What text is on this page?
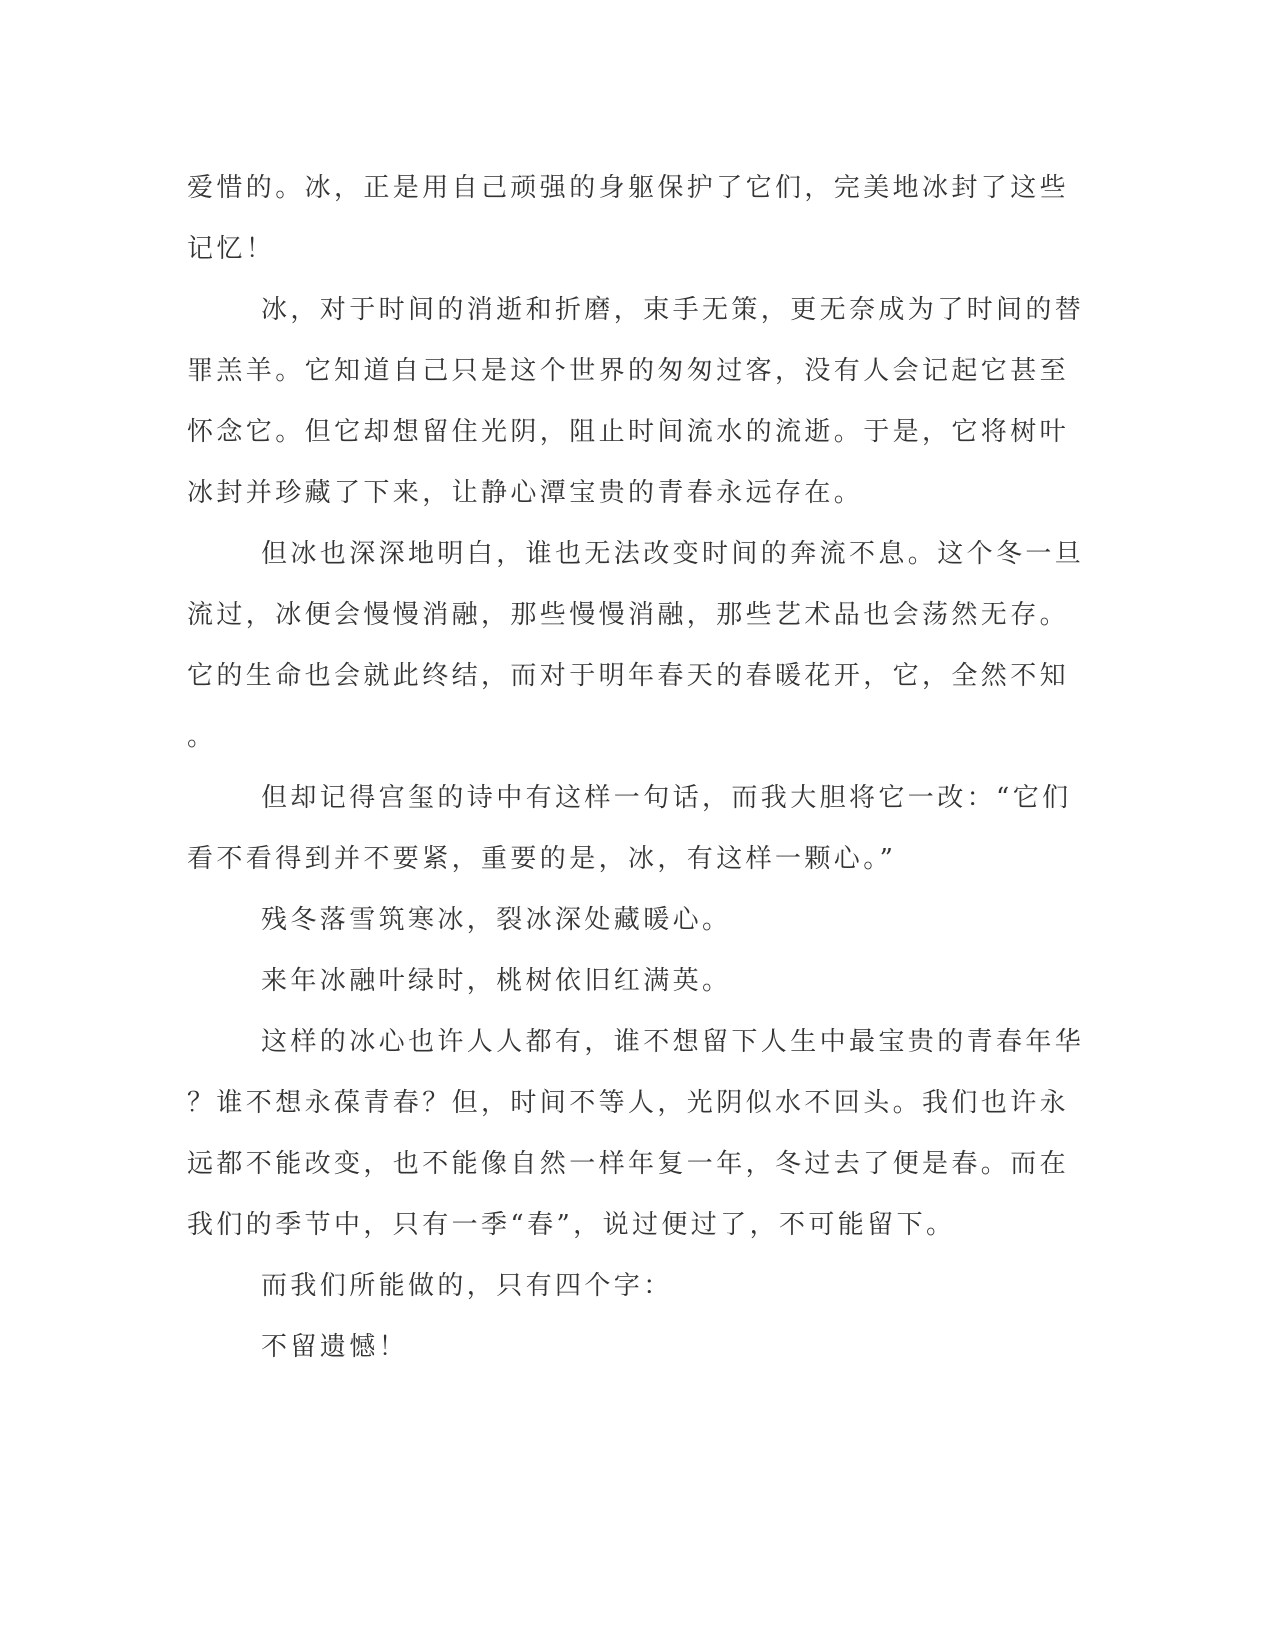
爱惜的。冰，正是用自己顽强的身躯保护了它们，完美地冰封了这些
记忆！
冰，对于时间的消逝和折磨，束手无策，更无奈成为了时间的替
罪羔羊。它知道自己只是这个世界的匆匆过客，没有人会记起它甚至
怀念它。但它却想留住光阴，阻止时间流水的流逝。于是，它将树叶
冰封并珍藏了下来，让静心潭宝贵的青春永远存在。
但冰也深深地明白，谁也无法改变时间的奔流不息。这个冬一旦
流过，冰便会慢慢消融，那些慢慢消融，那些艺术品也会荡然无存。
它的生命也会就此终结，而对于明年春天的春暖花开，它，全然不知
。
但却记得宫玺的诗中有这样一句话，而我大胆将它一改：“它们
看不看得到并不要紧，重要的是，冰，有这样一颗心。”
残冬落雪筑寒冰，裂冰深处藏暖心。
来年冰融叶绿时，桃树依旧红满英。
这样的冰心也许人人都有，谁不想留下人生中最宝贵的青春年华
？谁不想永葆青春？但，时间不等人，光阴似水不回头。我们也许永
远都不能改变，也不能像自然一样年复一年，冬过去了便是春。而在
我们的季节中，只有一季“春”，说过便过了，不可能留下。
而我们所能做的，只有四个字：
不留遗憾！
